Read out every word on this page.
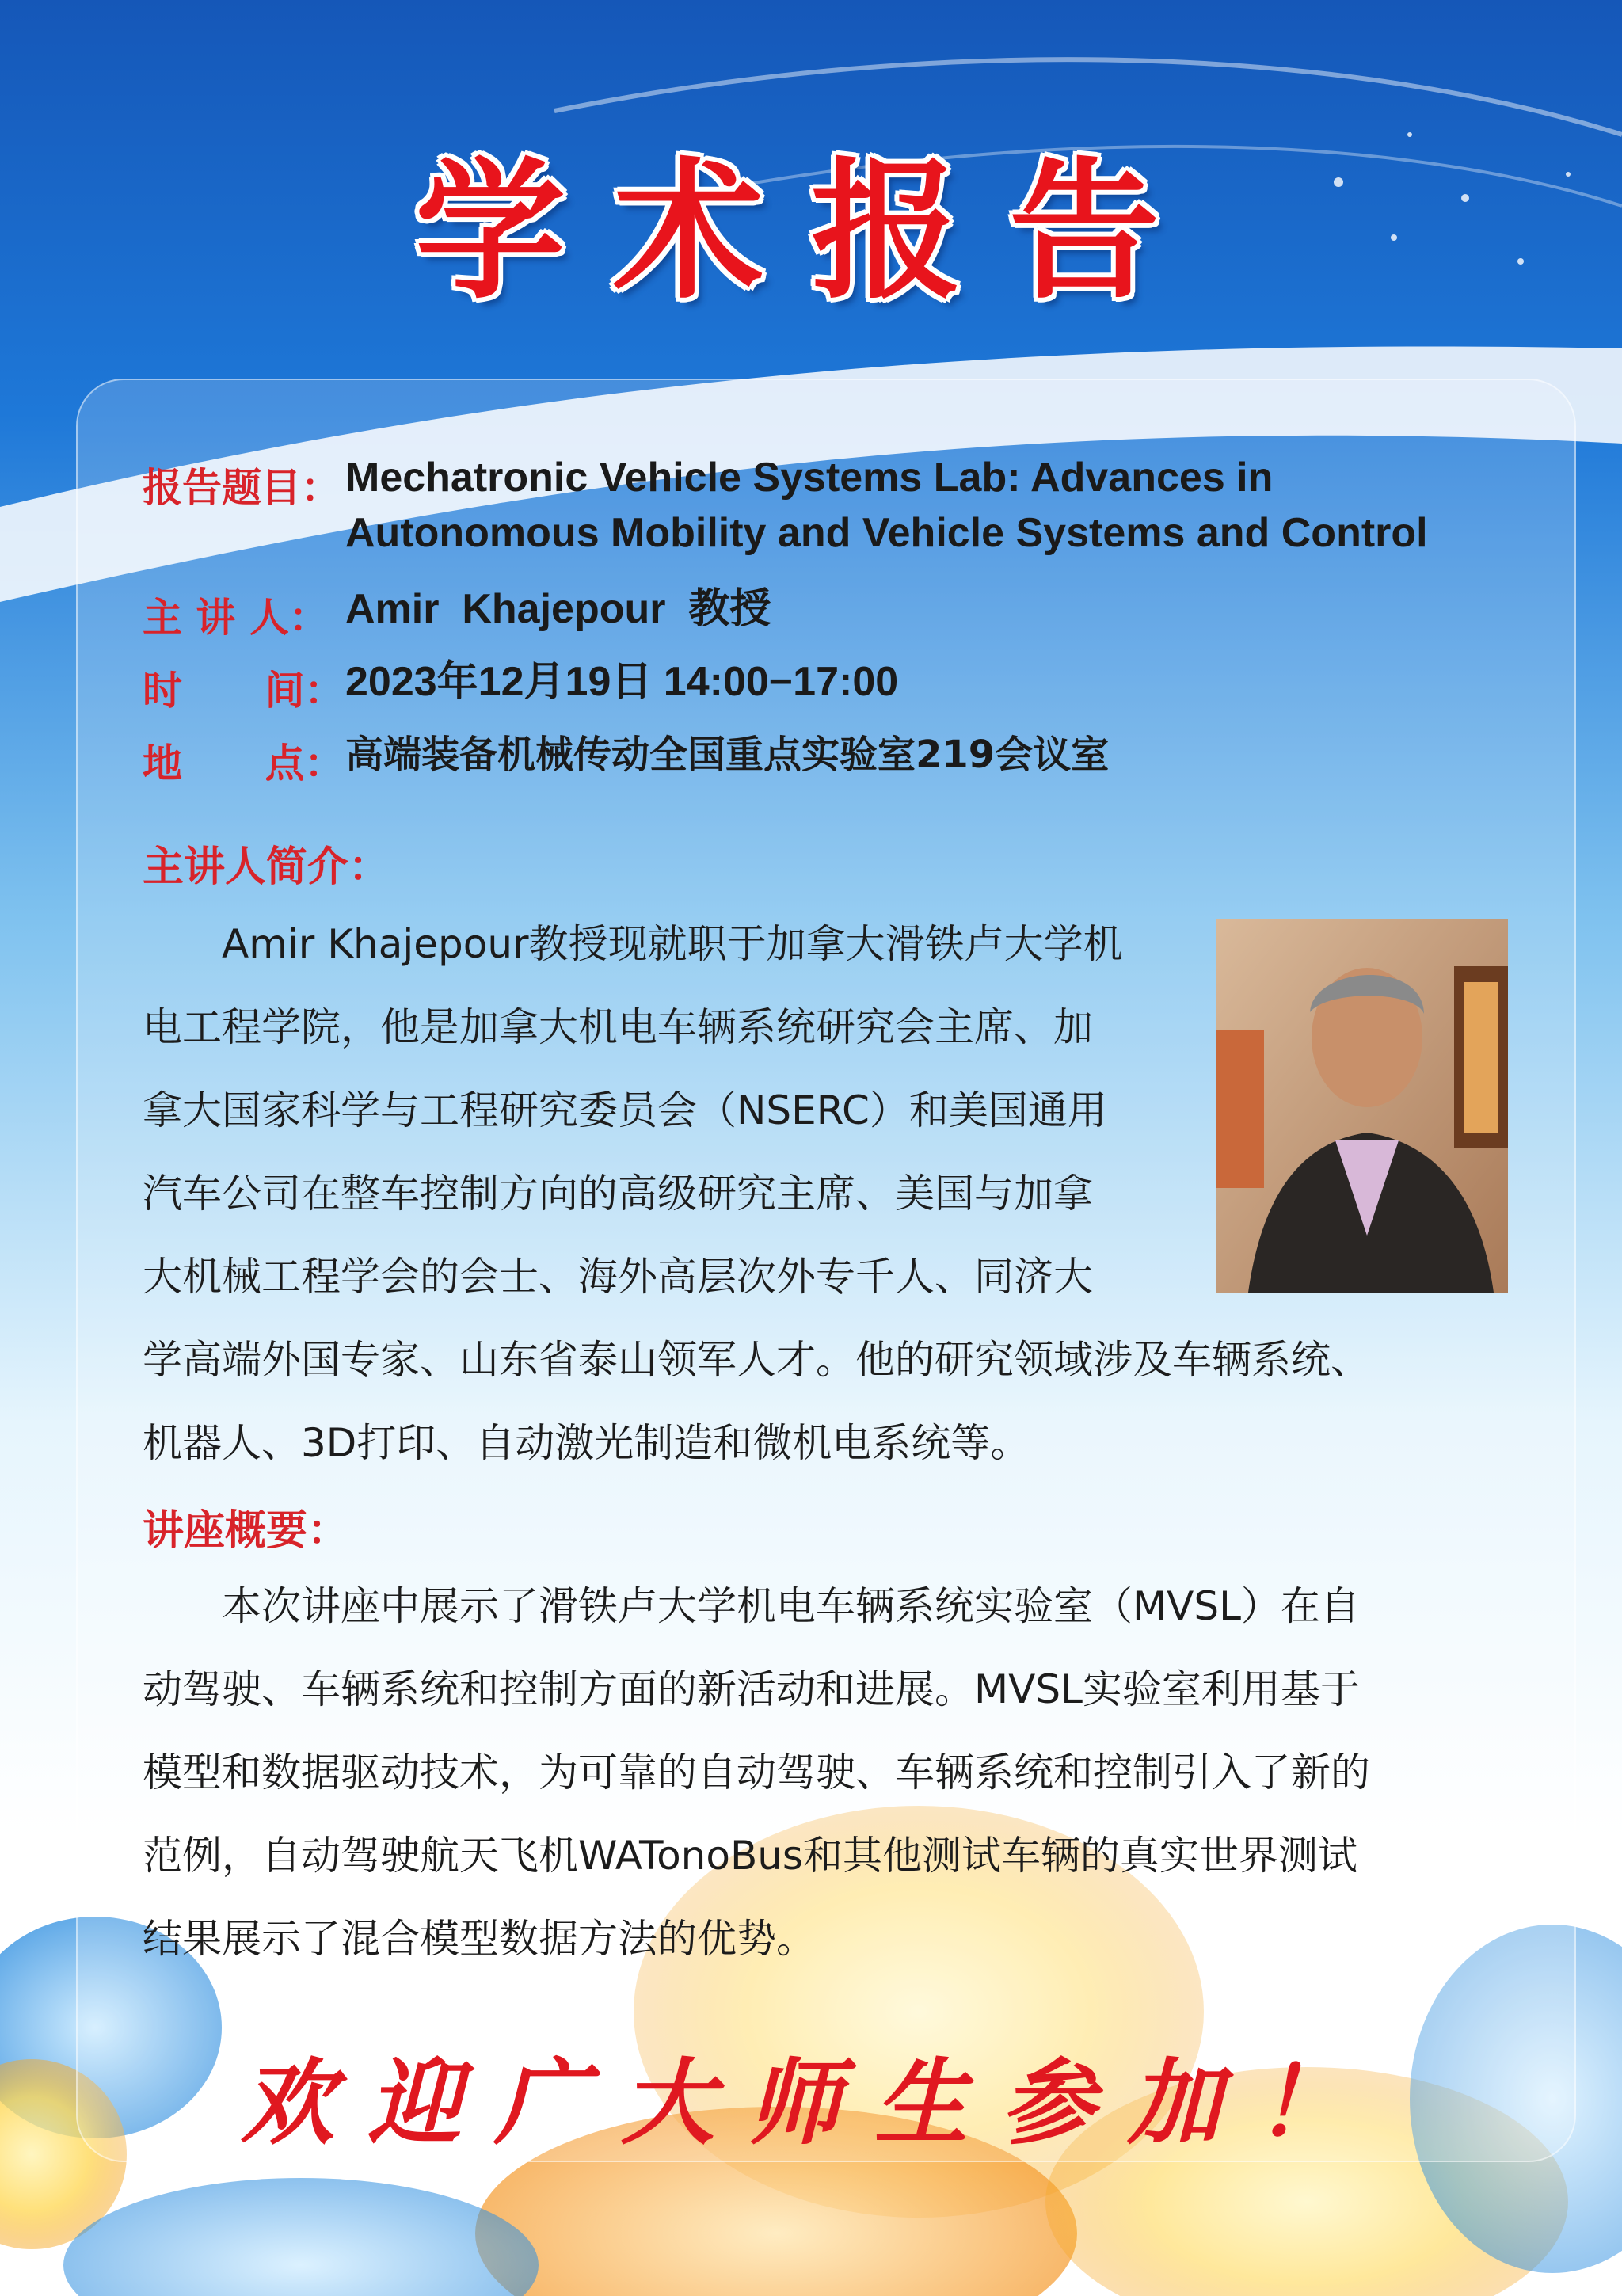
学术报告
报告题目： Mechatronic Vehicle Systems Lab: Advances in
Autonomous Mobility and Vehicle Systems and Control
主 讲 人： Amir  Khajepour  教授
时      间： 2023年12月19日 14:00−17:00
地      点： 高端装备机械传动全国重点实验室219会议室
主讲人简介：
Amir Khajepour教授现就职于加拿大滑铁卢大学机
电工程学院，他是加拿大机电车辆系统研究会主席、加
拿大国家科学与工程研究委员会（NSERC）和美国通用
汽车公司在整车控制方向的高级研究主席、美国与加拿
大机械工程学会的会士、海外高层次外专千人、同济大
学高端外国专家、山东省泰山领军人才。他的研究领域涉及车辆系统、
机器人、3D打印、自动激光制造和微机电系统等。
讲座概要：
本次讲座中展示了滑铁卢大学机电车辆系统实验室（MVSL）在自
动驾驶、车辆系统和控制方面的新活动和进展。MVSL实验室利用基于
模型和数据驱动技术，为可靠的自动驾驶、车辆系统和控制引入了新的
范例，自动驾驶航天飞机WATonoBus和其他测试车辆的真实世界测试
结果展示了混合模型数据方法的优势。
欢迎广大师生参加！
